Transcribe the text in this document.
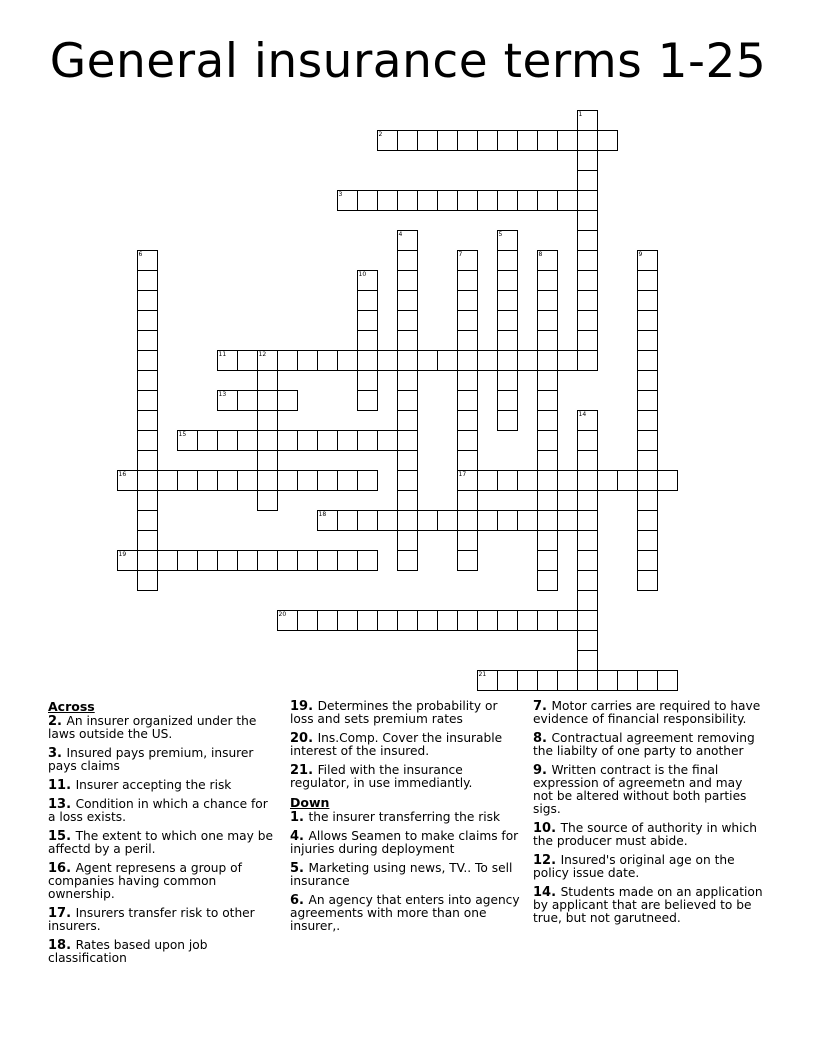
General insurance terms 1-25
1
2
3
4	5
6	7
17
8	9
10
11	12
13
14
15
16
18
19
20
21
Across
2. An insurer organized under the laws outside the US.
3. Insured pays premium, insurer pays claims
11. Insurer accepting the risk
13. Condition in which a chance for a loss exists.
15. The extent to which one may be affectd by a peril.
16. Agent represens a group of companies having common ownership.
17. Insurers transfer risk to other insurers.
18. Rates based upon job classification
19. Determines the probability or loss and sets premium rates
20. Ins.Comp. Cover the insurable interest of the insured.
21. Filed with the insurance regulator, in use immediantly.
Down
1. the insurer transferring the risk
4. Allows Seamen to make claims for injuries during deployment
5. Marketing using news, TV.. To sell insurance
6. An agency that enters into agency agreements with more than one insurer,.
7. Motor carries are required to have evidence of financial responsibility.
8. Contractual agreement removing the liabilty of one party to another
9. Written contract is the final expression of agreemetn and may not be altered without both parties sigs.
10. The source of authority in which the producer must abide.
12. Insured's original age on the policy issue date.
14. Students made on an application by applicant that are believed to be true, but not garutneed.
